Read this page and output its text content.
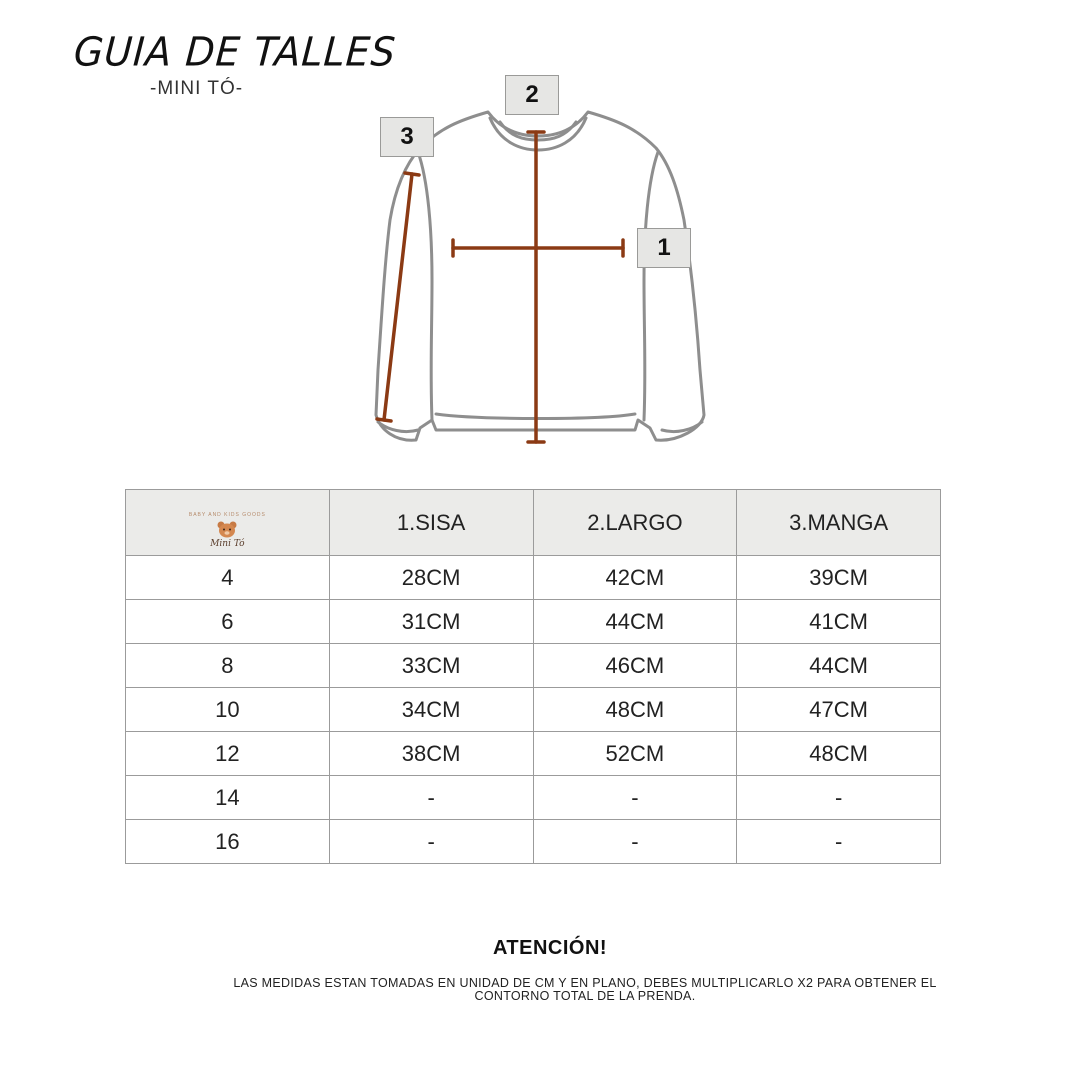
GUIA DE TALLES
-MINI TÓ-	2
3
1
BABY AND KIDS GOODS
Mini Tó	1.SISA	2.LARGO	3.MANGA
4	28CM	42CM	39CM
6	31CM	44CM	41CM
8	33CM	46CM	44CM
10	34CM	48CM	47CM
12	38CM	52CM	48CM
14	-	-	-
16	-	-	-
ATENCIÓN!
LAS MEDIDAS ESTAN TOMADAS EN UNIDAD DE CM Y EN PLANO, DEBES MULTIPLICARLO X2 PARA OBTENER EL CONTORNO TOTAL DE LA PRENDA.
